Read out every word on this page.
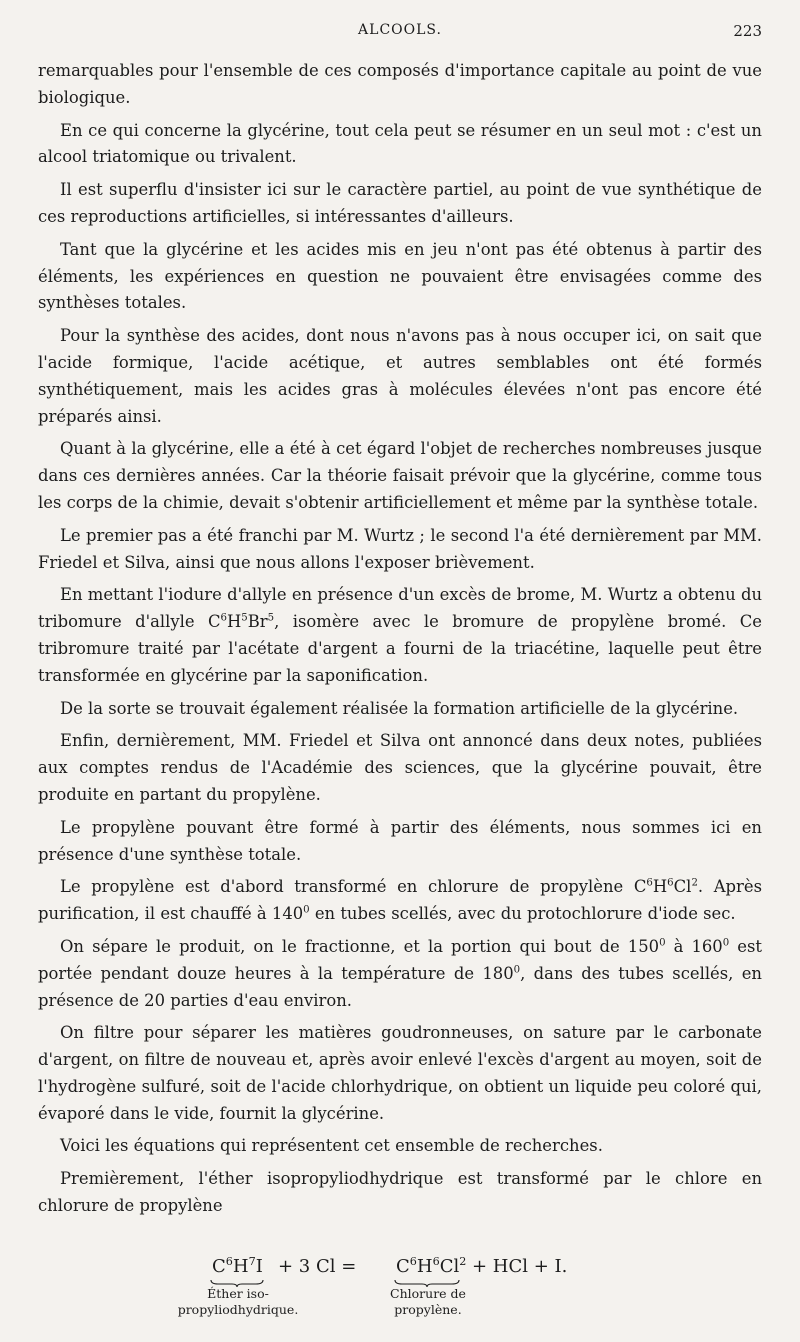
ALCOOLS.	223

remarquables pour l'ensemble de ces composés d'importance capitale au point de vue biologique.

En ce qui concerne la glycérine, tout cela peut se résumer en un seul mot : c'est un alcool triatomique ou trivalent.

Il est superflu d'insister ici sur le caractère partiel, au point de vue synthétique de ces reproductions artificielles, si intéressantes d'ailleurs.

Tant que la glycérine et les acides mis en jeu n'ont pas été obtenus à partir des éléments, les expériences en question ne pouvaient être envisagées comme des synthèses totales.

Pour la synthèse des acides, dont nous n'avons pas à nous occuper ici, on sait que l'acide formique, l'acide acétique, et autres semblables ont été formés synthétiquement, mais les acides gras à molécules élevées n'ont pas encore été préparés ainsi.

Quant à la glycérine, elle a été à cet égard l'objet de recherches nombreuses jusque dans ces dernières années. Car la théorie faisait prévoir que la glycérine, comme tous les corps de la chimie, devait s'obtenir artificiellement et même par la synthèse totale.

Le premier pas a été franchi par M. Wurtz ; le second l'a été dernièrement par MM. Friedel et Silva, ainsi que nous allons l'exposer brièvement.

En mettant l'iodure d'allyle en présence d'un excès de brome, M. Wurtz a obtenu du tribomure d'allyle $C^6H^5Br^5$, isomère avec le bromure de propylène bromé. Ce tribromure traité par l'acétate d'argent a fourni de la triacétine, laquelle peut être transformée en glycérine par la saponification.

De la sorte se trouvait également réalisée la formation artificielle de la glycérine.

Enfin, dernièrement, MM. Friedel et Silva ont annoncé dans deux notes, publiées aux comptes rendus de l'Académie des sciences, que la glycérine pouvait, être produite en partant du propylène.

Le propylène pouvant être formé à partir des éléments, nous sommes ici en présence d'une synthèse totale.

Le propylène est d'abord transformé en chlorure de propylène $C^6H^6Cl^2$. Après purification, il est chauffé à $140^0$ en tubes scellés, avec du protochlorure d'iode sec.

On sépare le produit, on le fractionne, et la portion qui bout de $150^0$ à $160^0$ est portée pendant douze heures à la température de $180^0$, dans des tubes scellés, en présence de 20 parties d'eau environ.

On filtre pour séparer les matières goudronneuses, on sature par le carbonate d'argent, on filtre de nouveau et, après avoir enlevé l'excès d'argent au moyen, soit de l'hydrogène sulfuré, soit de l'acide chlorhydrique, on obtient un liquide peu coloré qui, évaporé dans le vide, fournit la glycérine.

Voici les équations qui représentent cet ensemble de recherches.

Premièrement, l'éther isopropyliodhydrique est transformé par le chlore en chlorure de propylène

$C^6H^7I + 3$ $Cl = C^6H^6Cl^2$ + HCl + I.
Éther iso-
propyliodhydrique.
Chlorure de
propylène.
